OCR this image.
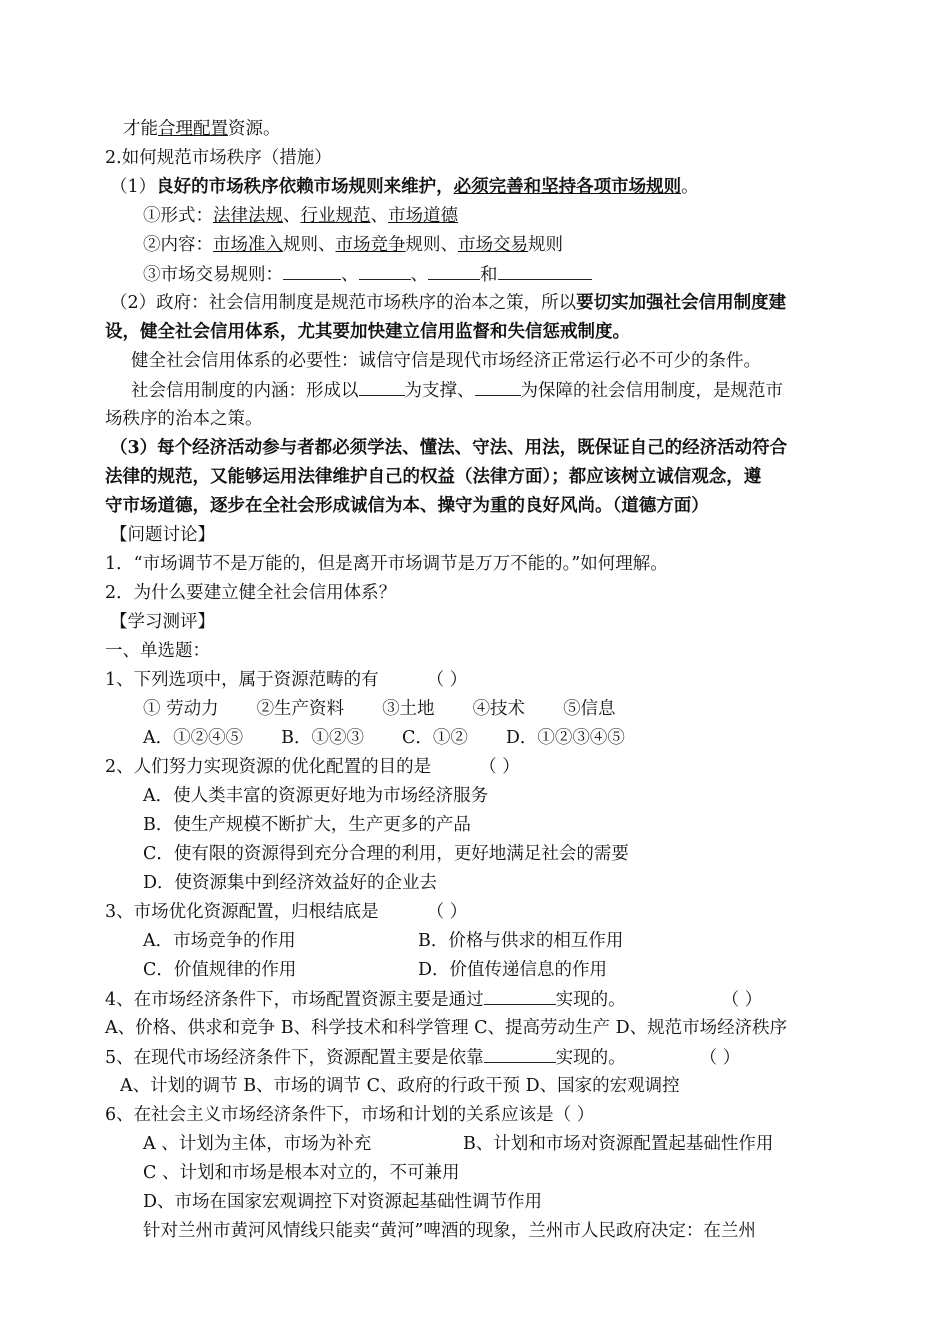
才能合理配置资源。
2.如何规范市场秩序（措施）
（1）良好的市场秩序依赖市场规则来维护，必须完善和坚持各项市场规则。
①形式：法律法规、行业规范、市场道德
②内容：市场准入规则、市场竞争规则、市场交易规则
③市场交易规则：	、	、	和
（2）政府：社会信用制度是规范市场秩序的治本之策，所以要切实加强社会信用制度建
设，健全社会信用体系，尤其要加快建立信用监督和失信惩戒制度。
健全社会信用体系的必要性：诚信守信是现代市场经济正常运行必不可少的条件。
社会信用制度的内涵：形成以	为支撑、	为保障的社会信用制度，是规范市
场秩序的治本之策。
（3）每个经济活动参与者都必须学法、懂法、守法、用法，既保证自己的经济活动符合
法律的规范，又能够运用法律维护自己的权益（法律方面）；都应该树立诚信观念，遵
守市场道德，逐步在全社会形成诚信为本、操守为重的良好风尚。（道德方面）
【问题讨论】
1．“市场调节不是万能的，但是离开市场调节是万万不能的。”如何理解。
2．为什么要建立健全社会信用体系？
【学习测评】
一、单选题：
1、下列选项中，属于资源范畴的有	（ ）
① 劳动力 ②生产资料 ③土地 ④技术 ⑤信息
A．①②④⑤ B．①②③ C．①② D．①②③④⑤
2、人们努力实现资源的优化配置的目的是	（ ）
A．使人类丰富的资源更好地为市场经济服务
B．使生产规模不断扩大，生产更多的产品
C．使有限的资源得到充分合理的利用，更好地满足社会的需要
D．使资源集中到经济效益好的企业去
3、市场优化资源配置，归根结底是	（ ）
A．市场竞争的作用	B．价格与供求的相互作用
C．价值规律的作用	D．价值传递信息的作用
4、在市场经济条件下，市场配置资源主要是通过	实现的。	（ ）
A、价格、供求和竞争 B、科学技术和科学管理 C、提高劳动生产 D、规范市场经济秩序
5、在现代市场经济条件下，资源配置主要是依靠	实现的。	（ ）
A、计划的调节 B、市场的调节 C、政府的行政干预 D、国家的宏观调控
6、在社会主义市场经济条件下，市场和计划的关系应该是（ ）
A 、计划为主体，市场为补充	B、计划和市场对资源配置起基础性作用
C 、计划和市场是根本对立的，不可兼用
D、市场在国家宏观调控下对资源起基础性调节作用
针对兰州市黄河风情线只能卖“黄河”啤酒的现象，兰州市人民政府决定：在兰州
